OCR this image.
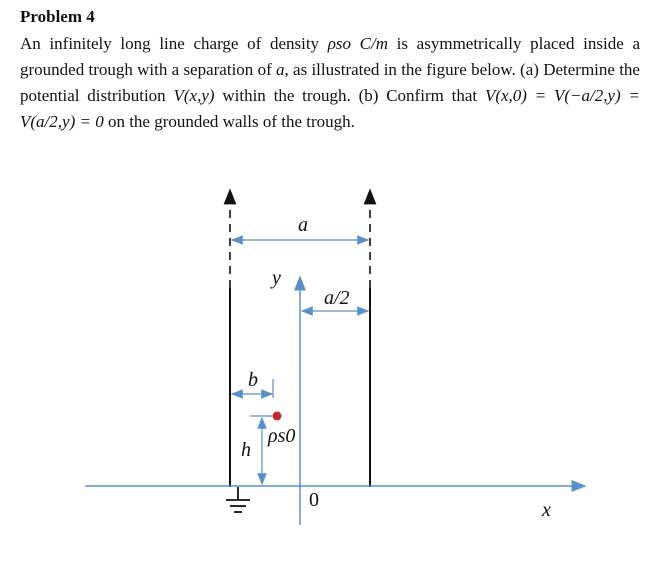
Problem 4

An infinitely long line charge of density ρso C/m is asymmetrically placed inside a grounded trough with a separation of a, as illustrated in the figure below. (a) Determine the potential distribution V(x,y) within the trough. (b) Confirm that V(x,0) = V(−a/2,y) = V(a/2,y) = 0 on the grounded walls of the trough.

a
a/2
y
b
h
ρs0
0	x
